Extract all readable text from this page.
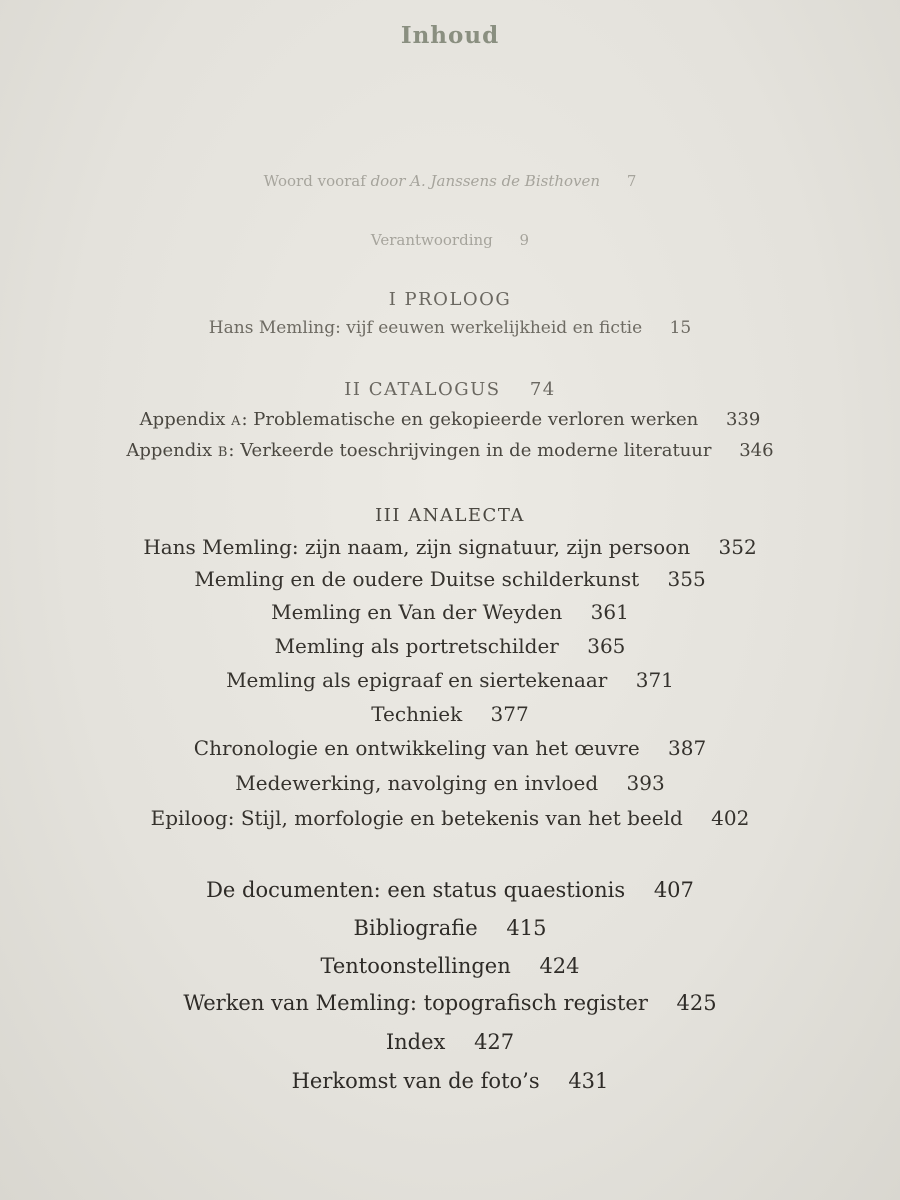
Inhoud
Woord vooraf door A. Janssens de Bisthoven 7
Verantwoording 9
I PROLOOG
Hans Memling: vijf eeuwen werkelijkheid en fictie 15
II CATALOGUS 74
Appendix A: Problematische en gekopieerde verloren werken 339
Appendix B: Verkeerde toeschrijvingen in de moderne literatuur 346
III ANALECTA
Hans Memling: zijn naam, zijn signatuur, zijn persoon 352
Memling en de oudere Duitse schilderkunst 355
Memling en Van der Weyden 361
Memling als portretschilder 365
Memling als epigraaf en siertekenaar 371
Techniek 377
Chronologie en ontwikkeling van het œuvre 387
Medewerking, navolging en invloed 393
Epiloog: Stijl, morfologie en betekenis van het beeld 402
De documenten: een status quaestionis 407
Bibliografie 415
Tentoonstellingen 424
Werken van Memling: topografisch register 425
Index 427
Herkomst van de foto’s 431
